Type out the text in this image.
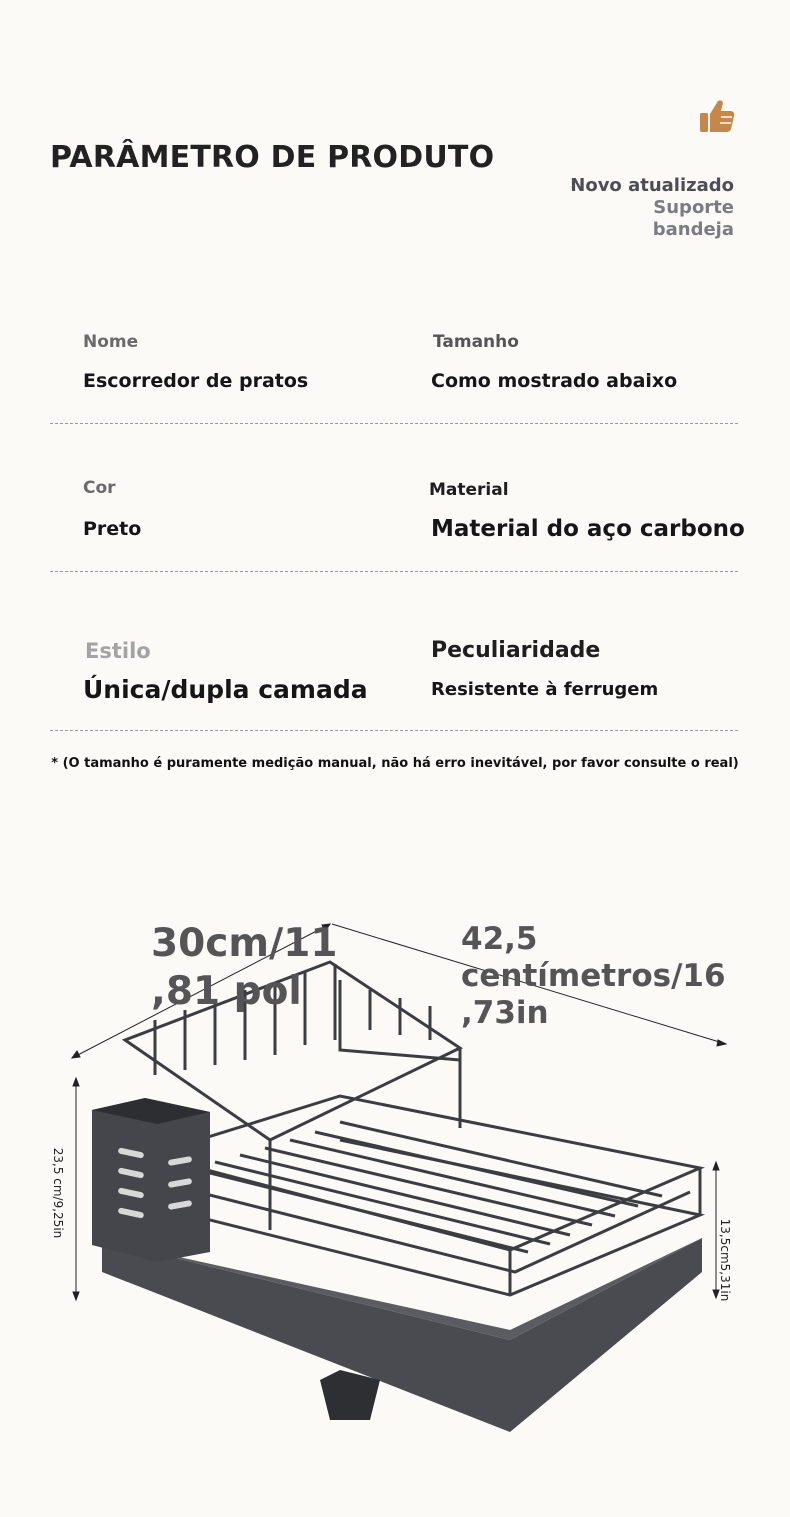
PARÂMETRO DE PRODUTO
Novo atualizado
Suporte
bandeja
Nome
Escorredor de pratos
Tamanho
Como mostrado abaixo
Cor
Preto
Material
Material do aço carbono
Estilo
Única/dupla camada
Peculiaridade
Resistente à ferrugem
* (O tamanho é puramente medição manual, não há erro inevitável, por favor consulte o real)
30cm/11
,81 pol
42,5
centímetros/16
,73in
23,5 cm/9,25in
13,5cm5,31in
